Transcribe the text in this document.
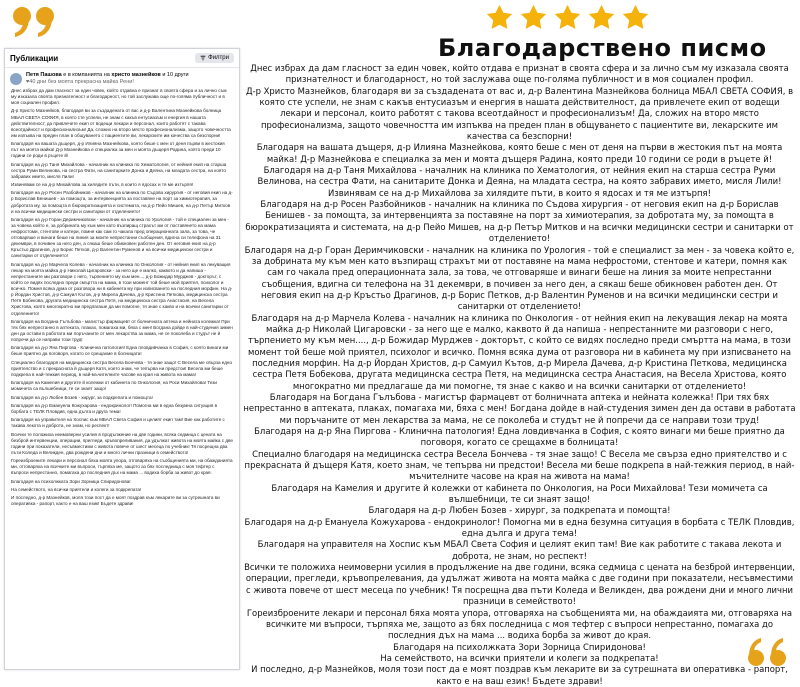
Благодарствено писмо
Публикации	Филтри
Петя Пашова е в компанията на христо мазнейков и 10 други
♥40 дни без моята прекрасна майка Рени!

Днес избрах да дам гласност за един човек, който отдавна е признат в своята сфера и за лично съм му изказала своята признателност и благодарност, но той заслужава още по-голяма публичност и в моя социален профил.

Д-р Христо Мазнейков, благодаря ви за създадената от вас и д-р Валентина Мазнейкова болница МБАЛ СВЕТА СОФИЯ, в която сте успели, не знам с какъв ентусиазъм и енергия в нашата действителност, да привлечете екип от водещи лекари и персонал, които работят с такава всеотдайност и професионализъм! Да, сложих на второ място професионализма, защото човечността им изпъква на преден план в общуването с пациентите ви, лекарските им качества са безспорни!

Благодаря на вашата дъщеря, д-р Илияна Мазнейкова, която беше с мен от деня първи в жестокия път на моята майка! Д-р Мазнейкова е специалка за мен и моята дъщеря Радина, която преди 10 години се роди в ръцете й!

Благодаря на д-р Таня Михайлова - началник на клиника по Хематология, от нейния екип на старша сестра Руми Велинова, на сестра Фати, на санитарките Донка и Деяна, на младата сестра, на която забравих името, мисля Лили!

Извинявам се на д-р Михайлова за хилядите пъти, в които я ядосах и тя ме изтърпя!

Благодаря на д-р Росен Разбойников - началник на клиника по Съдова хирургия - от неговия екип на д-р Борислав Бенишев - за помощта, за интервенцията за поставяне на порт за химиотерапия, за добротата му, за помощта в бюрократизацията и системата, на д-р Пейо Мишев, на д-р Петър Митков и на всички медицински сестри и санитарки от отделението!

Благодаря на д-р Горан Деримчиковски - началник на клиника по Урология - той е специален за мен - за човека който е, за добрината му към мен като възпиращ страхът ми от поставянето на мама нефростоми, стентове и катери, помня как сам го чакала пред операционната зала, за това, че отговаряше и винаги беше на линия за моите непрестанни съобщения, вдигна си телефона на 31 декември, в почивен за него ден, а сякаш беше обикновен работен ден. От неговия екип на д-р Кръстьо Драгинов, д-р Борис Петков, д-р Валентин Руменов и на всички медицински сестри и санитарки от отделението!

Благодаря на д-р Марчела Колева - началник на клиника по Онкология - от нейния екип на лекуващия лекар на моята майка д-р Николай Цигаровски - за него ще е малко, каквото и да напиша - непрестанните ми разговори с него, търпението му към мен..., д-р Божидар Мурджев - докторът, с който се видях последно преди смъртта на мама, в този момент той беше мой приятел, психолог и всичко. Помня всяка дума от разговора ни в кабинета му при изписването на последния морфин. На д-р Йордан Христов, д-р Самуил Кътов, д-р Мирела Дачева, д-р Кристина Петкова, медицинска сестра Петя Бобекова, другата медицинска сестра Петя, на медицинска сестра Анастасия, на Весела Христова, която многократно ми предлагаше да ми помогне, тя знае с какво и на всички санитарки от отделението!

Благодаря на Богдана Гълъбова - магистър фармацевт от болничната аптека и нейната колежка! При тях бях непрестанно в аптеката, плаках, помагаха ми, бяха с мен! Богдана дойде в най-студения зимен ден да остави в работата ми поръчаните от мен лекарства за мама, не се поколеба и студът не й попречи да се направи този труд!

Благодаря на д-р Яна Пиргова - Клинична патология! Една пловдивчанка в София, с която винаги ми беше приятно да поговоря, когато се срещахме в болницата!

Специално благодаря на медицинска сестра Весела Бончева - тя знае защо! С Весела ме свърза едно приятелство и с прекрасната й дъщеря Катя, което знам, че тепърва ни предстои! Весела ми беше подкрепа в най-тежкия период, в най-мъчителните часове на края на живота на мама!

Благодаря на Камелия и другите й колежки от кабинета по Онкология, на Роси Михайлова! Тези момичета са вълшебници, те си знаят защо!

Благодаря на д-р Любен Бозев - хирург, за подкрепата и помощта!

Благодаря на д-р Емануела Кожухарова - ендокринолог! Помогна ми в една безумна ситуация в борбата с ТЕЛК Пловдив, една дълга и друга тема!

Благодаря на управителя на Хоспис към МБАЛ Света София и целият екип там! Вие как работите с такава лекота и доброта, не знам, но респект!

Всички те положиха неимоверни усилия в продължение на две години, всяка седмица с цената на безброй интервенции, операции, прегледи, кръвопреливания, да удължат живота на моята майка с две години при показатели, несъвместими с живота повече от шест месеца по учебник! Тя посрещна два пъти Коледа и Великден, два рождени дни и много лични празници в семейството!

Гореизброените лекари и персонал бяха моята упора, отговаряха на съобщенията ми, на обажданията ми, отговаряха на всичките ми въпроси, търпяха ме, защото аз бях последница с моя тефтер с въпроси непрестанно, помагаха до последния дъх на мама ... водиха борба за живот до края.

Благодаря на психолжката Зори Зорница Спиридонова!

На семейството, на всички приятели и колеги за подкрепата!

И последно, д-р Мазнейков, моля този пост да е моят поздрав към лекарите ви за сутрешната ви оперативка - рапорт, както е на ваш език! Бъдете здрави!

Днес избрах да дам гласност за един човек, който отдава е признат в своята сфера и за лично съм му изказала своята признателност и благодарност, но той заслужава още по-голяма публичност и в моя социален профил.

Д-р Христо Мазнейков, благодаря ви за създадената от вас и, д-р Валентина Мазнейкова болница МБАЛ СВЕТА СОФИЯ, в която сте успели, не знам с какъв ентусиазъм и енергия в нашата действителност, да привлечете екип от водещи лекари и персонал, които работят с такова всеотдайност и професионализъм! Да, сложих на второ място професионализма, защото човечността им изпъква на преден план в общуването с пациентите ви, лекарските им качества са безспорни!

Благодаря на вашата дъщеря, д-р Илияна Мазнейкова, която беше с мен от деня на първи в жестокия път на моята майка! Д-р Мазнейкова е специалка за мен и моята дъщеря Радина, която преди 10 години се роди в ръцете й!

Благодаря на д-р Таня Михайлова - началник на клиника по Хематология, от нейния екип на старша сестра Руми Велинова, на сестра Фати, на санитарите Донка и Деяна, на младата сестра, на която забравих името, мисля Лили!

Извинявам се на д-р Михайлова за хилядите пъти, в които я ядосах и тя ме изтърпя!

Благодаря на д-р Росен Разбойников - началник на клиника по Съдова хирургия - от неговия екип на д-р Борислав Бенишев - за помощта, за интервенцията за поставяне на порт за химиотерапия, за добротата му, за помощта в бюрократизацията и системата, на д-р Пейо Мишев, на д-р Петър Митков и на всички медицински сестри и санитарки от отделението!

Благодаря на д-р Горан Деримчиковски - началник на клиника по Урология - той е специалист за мен - за човека който е, за добрината му към мен като възпиращ страхът ми от поставяне на мама нефростоми, стентове и катери, помня как сам го чакала пред операционната зала, за това, че отговаряше и винаги беше на линия за моите непрестанни съобщения, вдигна си телефона на 31 декември, в почивен за него ден, а сякаш беше обикновен работен ден. От неговия екип на д-р Кръстьо Драгинов, д-р Борис Петков, д-р Валентин Руменов и на всички медицински сестри и санитарки от отделението!

Благодаря на д-р Марчела Колева - началник на клиника по Онкология - от нейния екип на лекуващия лекар на моята майка д-р Николай Цигаровски - за него ще е малко, каквото й да напиша - непрестанните ми разговори с него, търпението му към мен...., д-р Божидар Мурджев - докторът, с който се видях последно преди смъртта на мама, в този момент той беше мой приятел, психолог и всичко. Помня всяка дума от разговора ни в кабинета му при изписването на последния морфин. На д-р Йордан Христов, д-р Самуил Кътов, д-р Мирела Дачева, д-р Кристина Петкова, медицинска сестра Петя Бобекова, другата медицинска сестра Петя, на медицинска сестра Анастасия, на Весела Христова, която многократно ми предлагаше да ми помогне, тя знае с какво и на всички санитарки от отделението!

Благодаря на Богдана Гълъбова - магистър фармацевт от болничната аптека и нейната колежка! При тях бях непрестанно в аптеката, плаках, помагаха ми, бяха с мен! Богдана дойде в най-студения зимен ден да остави в работата ми поръчаните от мен лекарства за мама, не се поколеба и студът не й попречи да се направи този труд!

Благодаря на д-р Яна Пиргова - Клинична патология! Една ловдивчанка в София, с която винаги ми беше приятно да поговоря, когато се срещахме в болницата!

Специално благодаря на медицинска сестра Весела Бончева - тя знае защо! С Весела ме свърза едно приятелство и с прекрасната й дъщеря Катя, което знам, че тепърва ни предстои! Весела ми беше подкрепа в най-тежкия период, в най-мъчителните часове на края на живота на мама!

Благодаря на Камелия и другите й колежки от кабинета по Онкология, на Роси Михайлова! Тези момичета са вълшебници, те си знаят защо!

Благодаря на д-р Любен Бозев - хирург, за подкрепата и помощта!

Благодаря на д-р Емануела Кожухарова - ендокринолог! Помогна ми в една безумна ситуация в борбата с ТЕЛК Пловдив, една дълга и друга тема!

Благодаря на управителя на Хоспис към МБАЛ Света София и целият екип там! Вие как работите с такава лекота и доброта, не знам, но респект!

Всички те положиха неимоверни усилия в продължение на две години, всяка седмица с ценатa на безброй интервенции, операции, прегледи, кръвопрелевания, да удължат живота на моята майка с две години при показатели, несъвместими с живота повече от шест месеца по учебник! Тя посрещна два пъти Коледа и Великден, два рождени дни и много лични празници в семейството!

Гореизброените лекари и персонал бяха моята упора, отговаряха на съобщенията ми, на обаждаията ми, отговаряха на всичките ми въпроси, търпяха ме, защото аз бях последница с моя тефтер с въпроси непрестанно, помагаха до последния дъх на мама ... водиха борба за живот до края.

Благодаря на психолжката Зори Зорница Спиридонова!

На семейството, на всички приятели и колеги за подкрепата!

И последно, д-р Мазнейков, моля този пост да е моят поздрав към лекарите ви за сутрешната ви оперативка - рапорт, както е на ваш език! Бъдете здрави!
